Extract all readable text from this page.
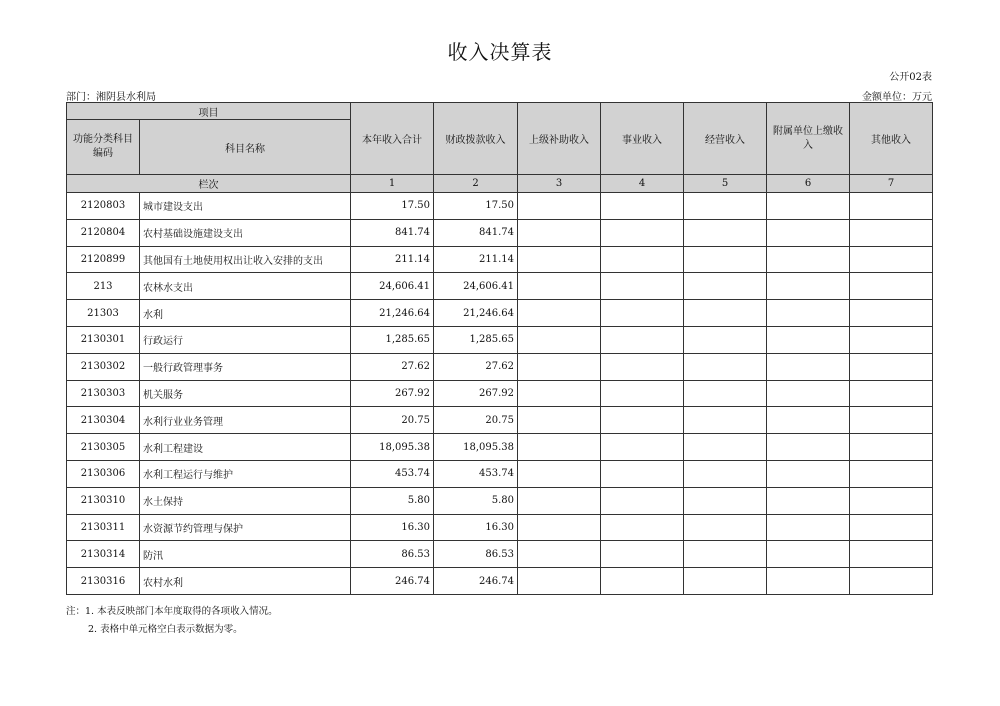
收入决算表
公开02表
部门：湘阴县水利局	金额单位：万元
项目		本年收入合计	财政拨款收入	上级补助收入	事业收入	经营收入	附属单位上缴收入	其他收入
功能分类科目编码	科目名称							
栏次		1	2	3	4	5	6	7
2120803	城市建设支出	17.50	17.50					
2120804	农村基础设施建设支出	841.74	841.74					
2120899	其他国有土地使用权出让收入安排的支出	211.14	211.14					
213	农林水支出	24,606.41	24,606.41					
21303	水利	21,246.64	21,246.64					
2130301	行政运行	1,285.65	1,285.65					
2130302	一般行政管理事务	27.62	27.62					
2130303	机关服务	267.92	267.92					
2130304	水利行业业务管理	20.75	20.75					
2130305	水利工程建设	18,095.38	18,095.38					
2130306	水利工程运行与维护	453.74	453.74					
2130310	水土保持	5.80	5.80					
2130311	水资源节约管理与保护	16.30	16.30					
2130314	防汛	86.53	86.53					
2130316	农村水利	246.74	246.74					
注：1. 本表反映部门本年度取得的各项收入情况。
2. 表格中单元格空白表示数据为零。
